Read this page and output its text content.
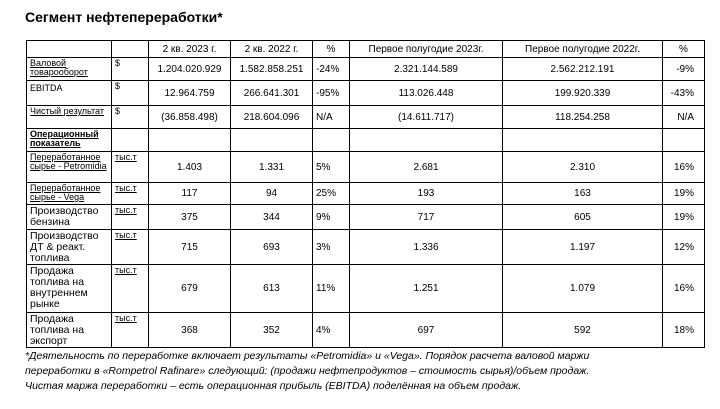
Сегмент нефтепереработки*
		2 кв. 2023 г.	2 кв. 2022 г.	%	Первое полугодие 2023г.	Первое полугодие 2022г.	%
Валовой товарооборот	$	1.204.020.929	1.582.858.251	-24%	2.321.144.589	2.562.212.191	-9%
EBITDA	$	12.964.759	266.641.301	-95%	113.026.448	199.920.339	-43%
Чистый результат	$	(36.858.498)	218.604.096	N/A	(14.611.717)	118.254.258	N/A
Операционный показатель							
Переработанное сырье - Petromidia	тыс.т	1.403	1.331	5%	2.681	2.310	16%
Переработанное сырье - Vega	тыс.т	117	94	25%	193	163	19%
Производство бензина	тыс.т	375	344	9%	717	605	19%
Производство ДТ & реакт. топлива	тыс.т	715	693	3%	1.336	1.197	12%
Продажа топлива на внутреннем рынке	тыс.т	679	613	11%	1.251	1.079	16%
Продажа топлива на экспорт	тыс.т	368	352	4%	697	592	18%
*Деятельность по переработке включает результаты «Petromidia» и «Vega». Порядок расчета валовой маржи
переработки в «Rompetrol Rafinare» следующий: (продажи нефтепродуктов – стоимость сырья)/объем продаж.
Чистая маржа переработки – есть операционная прибыль (EBITDA) поделённая на объем продаж.
